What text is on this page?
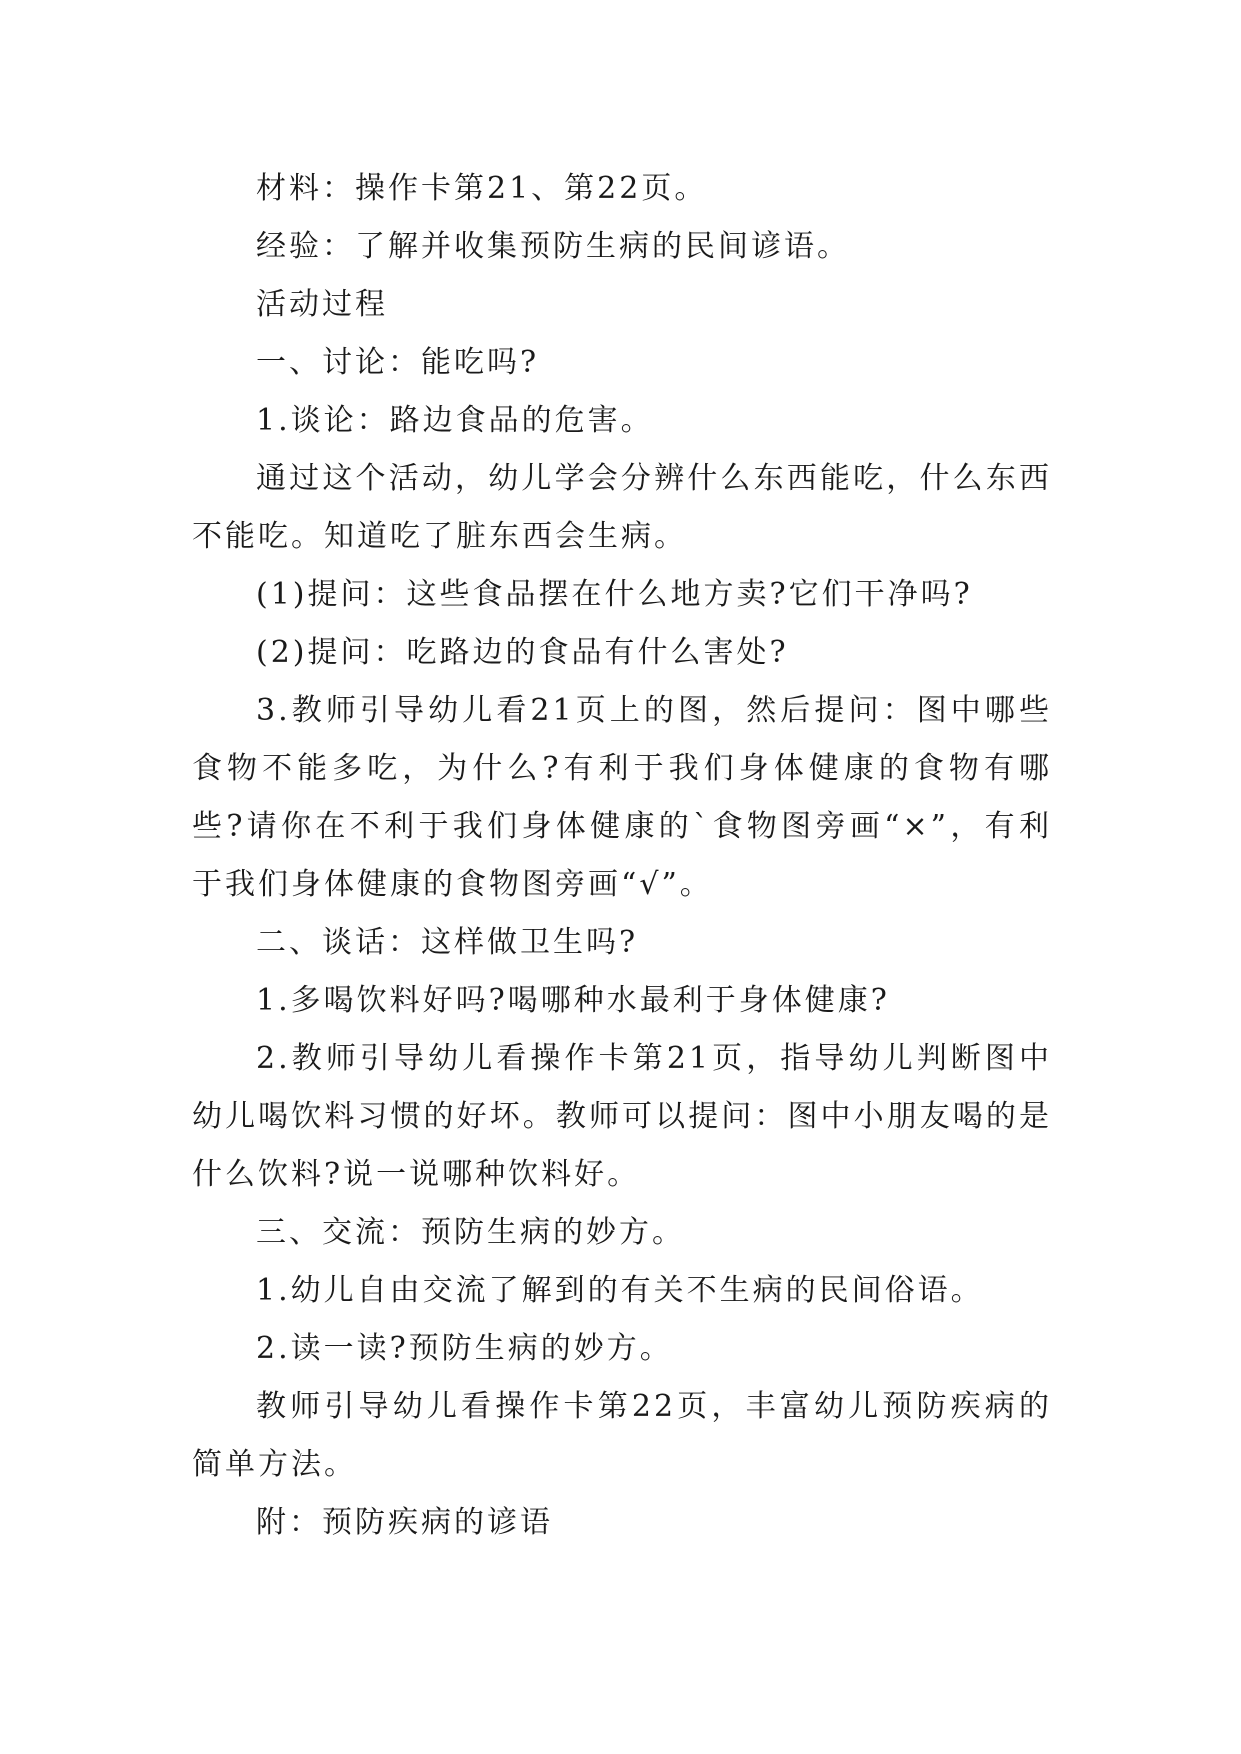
材料：操作卡第21、第22页。

经验：了解并收集预防生病的民间谚语。

活动过程

一、讨论：能吃吗?

1.谈论：路边食品的危害。

通过这个活动，幼儿学会分辨什么东西能吃，什么东西不能吃。知道吃了脏东西会生病。

(1)提问：这些食品摆在什么地方卖?它们干净吗?

(2)提问：吃路边的食品有什么害处?

3.教师引导幼儿看21页上的图，然后提问：图中哪些食物不能多吃，为什么?有利于我们身体健康的食物有哪些?请你在不利于我们身体健康的`食物图旁画“×”，有利于我们身体健康的食物图旁画“√”。

二、谈话：这样做卫生吗?

1.多喝饮料好吗?喝哪种水最利于身体健康?

2.教师引导幼儿看操作卡第21页，指导幼儿判断图中幼儿喝饮料习惯的好坏。教师可以提问：图中小朋友喝的是什么饮料?说一说哪种饮料好。

三、交流：预防生病的妙方。

1.幼儿自由交流了解到的有关不生病的民间俗语。

2.读一读?预防生病的妙方。

教师引导幼儿看操作卡第22页，丰富幼儿预防疾病的简单方法。

附：预防疾病的谚语
